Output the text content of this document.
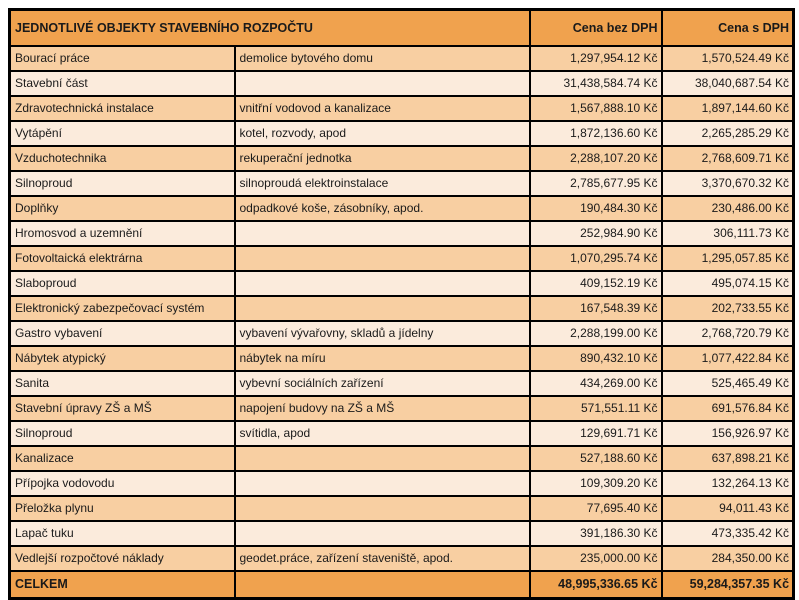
JEDNOTLIVÉ OBJEKTY STAVEBNÍHO ROZPOČTU		Cena bez DPH	Cena s DPH
Bourací práce	demolice bytového domu	1,297,954.12 Kč	1,570,524.49 Kč
Stavební část		31,438,584.74 Kč	38,040,687.54 Kč
Zdravotechnická instalace	vnitřní vodovod a kanalizace	1,567,888.10 Kč	1,897,144.60 Kč
Vytápění	kotel, rozvody, apod	1,872,136.60 Kč	2,265,285.29 Kč
Vzduchotechnika	rekuperační jednotka	2,288,107.20 Kč	2,768,609.71 Kč
Silnoproud	silnoproudá elektroinstalace	2,785,677.95 Kč	3,370,670.32 Kč
Doplňky	odpadkové koše, zásobníky, apod.	190,484.30 Kč	230,486.00 Kč
Hromosvod a uzemnění		252,984.90 Kč	306,111.73 Kč
Fotovoltaická elektrárna		1,070,295.74 Kč	1,295,057.85 Kč
Slaboproud		409,152.19 Kč	495,074.15 Kč
Elektronický zabezpečovací systém		167,548.39 Kč	202,733.55 Kč
Gastro vybavení	vybavení vývařovny, skladů a jídelny	2,288,199.00 Kč	2,768,720.79 Kč
Nábytek atypický	nábytek na míru	890,432.10 Kč	1,077,422.84 Kč
Sanita	vybevní sociálních zařízení	434,269.00 Kč	525,465.49 Kč
Stavební úpravy ZŠ a MŠ	napojení budovy na ZŠ a MŠ	571,551.11 Kč	691,576.84 Kč
Silnoproud	svítidla, apod	129,691.71 Kč	156,926.97 Kč
Kanalizace		527,188.60 Kč	637,898.21 Kč
Přípojka vodovodu		109,309.20 Kč	132,264.13 Kč
Přeložka plynu		77,695.40 Kč	94,011.43 Kč
Lapač tuku		391,186.30 Kč	473,335.42 Kč
Vedlejší rozpočtové náklady	geodet.práce, zařízení staveniště, apod.	235,000.00 Kč	284,350.00 Kč
CELKEM		48,995,336.65 Kč	59,284,357.35 Kč
